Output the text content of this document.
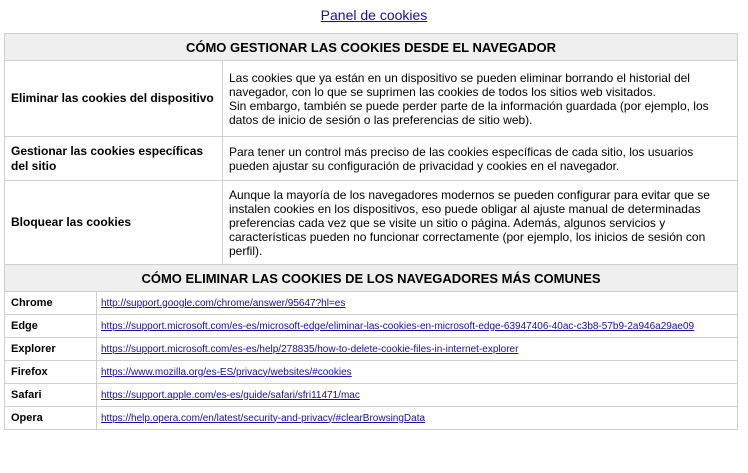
Panel de cookies
CÓMO GESTIONAR LAS COOKIES DESDE EL NAVEGADOR		
Eliminar las cookies del dispositivo		Las cookies que ya están en un dispositivo se pueden eliminar borrando el historial del navegador, con lo que se suprimen las cookies de todos los sitios web visitados.
Sin embargo, también se puede perder parte de la información guardada (por ejemplo, los datos de inicio de sesión o las preferencias de sitio web).

Gestionar las cookies específicas del sitio		Para tener un control más preciso de las cookies específicas de cada sitio, los usuarios pueden ajustar su configuración de privacidad y cookies en el navegador.

Bloquear las cookies		Aunque la mayoría de los navegadores modernos se pueden configurar para evitar que se instalen cookies en los dispositivos, eso puede obligar al ajuste manual de determinadas preferencias cada vez que se visite un sitio o página. Además, algunos servicios y características pueden no funcionar correctamente (por ejemplo, los inicios de sesión con perfil).

CÓMO ELIMINAR LAS COOKIES DE LOS NAVEGADORES MÁS COMUNES		
Chrome	http://support.google.com/chrome/answer/95647?hl=es	
Edge	https://support.microsoft.com/es-es/microsoft-edge/eliminar-las-cookies-en-microsoft-edge-63947406-40ac-c3b8-57b9-2a946a29ae09	
Explorer	https://support.microsoft.com/es-es/help/278835/how-to-delete-cookie-files-in-internet-explorer	
Firefox	https://www.mozilla.org/es-ES/privacy/websites/#cookies	
Safari	https://support.apple.com/es-es/guide/safari/sfri11471/mac	
Opera	https://help.opera.com/en/latest/security-and-privacy/#clearBrowsingData	
